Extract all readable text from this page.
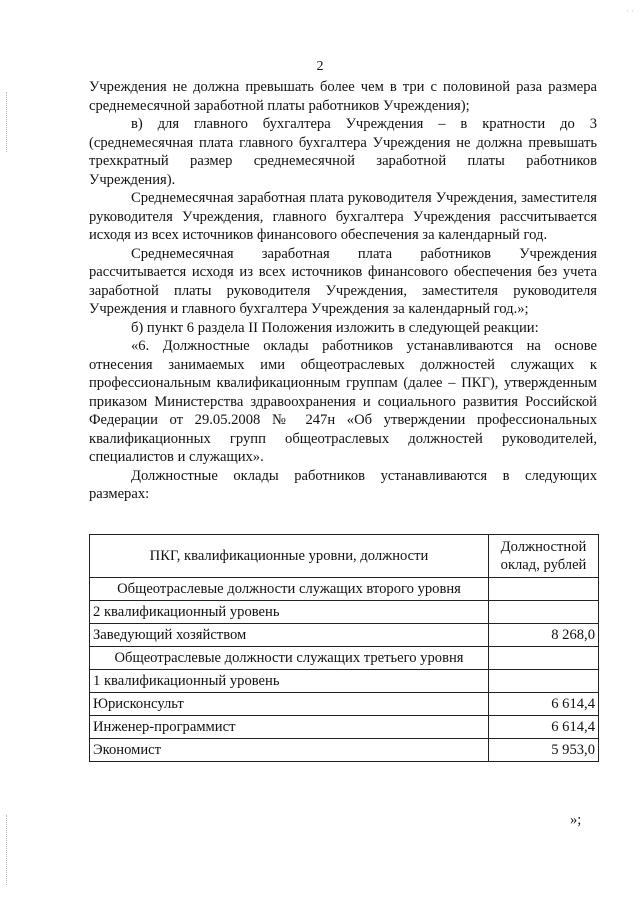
2
· ·

Учреждения не должна превышать более чем в три с половиной раза размера среднемесячной заработной платы работников Учреждения);

в) для главного бухгалтера Учреждения – в кратности до 3 (среднемесячная плата главного бухгалтера Учреждения не должна превышать трехкратный размер среднемесячной заработной платы работников Учреждения).

Среднемесячная заработная плата руководителя Учреждения, заместителя руководителя Учреждения, главного бухгалтера Учреждения рассчитывается исходя из всех источников финансового обеспечения за календарный год.

Среднемесячная заработная плата работников Учреждения рассчитывается исходя из всех источников финансового обеспечения без учета заработной платы руководителя Учреждения, заместителя руководителя Учреждения и главного бухгалтера Учреждения за календарный год.»;

б) пункт 6 раздела II Положения изложить в следующей реакции:

«6. Должностные оклады работников устанавливаются на основе отнесения занимаемых ими общеотраслевых должностей служащих к профессиональным квалификационным группам (далее – ПКГ), утвержденным приказом Министерства здравоохранения и социального развития Российской Федерации от 29.05.2008 № 247н «Об утверждении профессиональных квалификационных групп общеотраслевых должностей руководителей, специалистов и служащих».

Должностные оклады работников устанавливаются в следующих размерах:

ПКГ, квалификационные уровни, должности	Должностной оклад, рублей
Общеотраслевые должности служащих второго уровня	
2 квалификационный уровень	
Заведующий хозяйством	8 268,0
Общеотраслевые должности служащих третьего уровня	
1 квалификационный уровень	
Юрисконсульт	6 614,4
Инженер-программист	6 614,4
Экономист	5 953,0
»;
